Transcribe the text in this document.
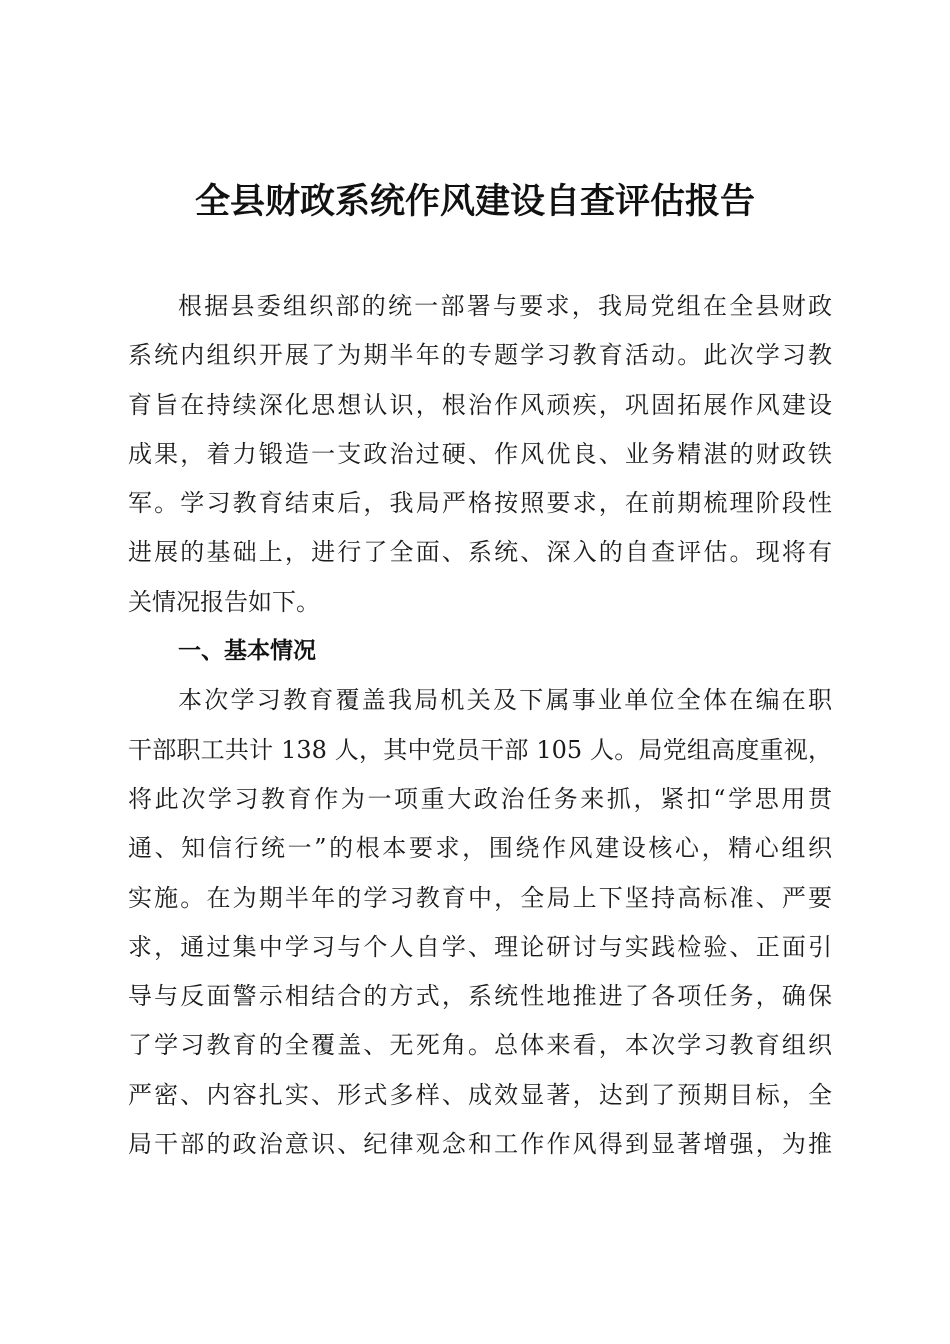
全县财政系统作风建设自查评估报告
根据县委组织部的统一部署与要求，我局党组在全县财政
系统内组织开展了为期半年的专题学习教育活动。此次学习教
育旨在持续深化思想认识，根治作风顽疾，巩固拓展作风建设
成果，着力锻造一支政治过硬、作风优良、业务精湛的财政铁
军。学习教育结束后，我局严格按照要求，在前期梳理阶段性
进展的基础上，进行了全面、系统、深入的自查评估。现将有
关情况报告如下。
一、基本情况
本次学习教育覆盖我局机关及下属事业单位全体在编在职
干部职工共计 138 人，其中党员干部 105 人。局党组高度重视，
将此次学习教育作为一项重大政治任务来抓，紧扣“学思用贯
通、知信行统一”的根本要求，围绕作风建设核心，精心组织
实施。在为期半年的学习教育中，全局上下坚持高标准、严要
求，通过集中学习与个人自学、理论研讨与实践检验、正面引
导与反面警示相结合的方式，系统性地推进了各项任务，确保
了学习教育的全覆盖、无死角。总体来看，本次学习教育组织
严密、内容扎实、形式多样、成效显著，达到了预期目标，全
局干部的政治意识、纪律观念和工作作风得到显著增强，为推
